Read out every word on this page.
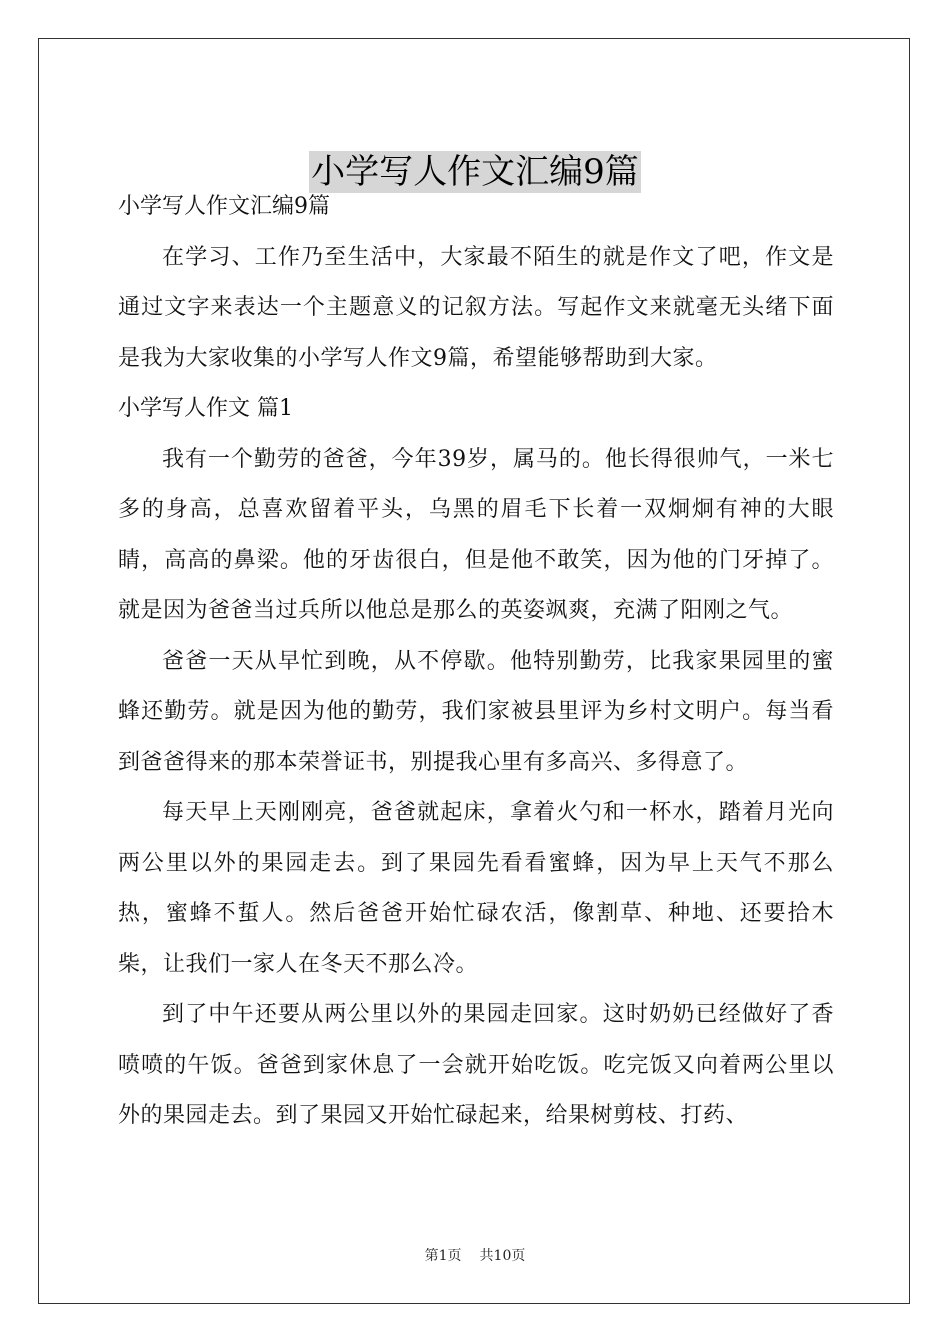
小学写人作文汇编9篇

小学写人作文汇编9篇

在学习、工作乃至生活中，大家最不陌生的就是作文了吧，作文是通过文字来表达一个主题意义的记叙方法。写起作文来就毫无头绪下面是我为大家收集的小学写人作文9篇，希望能够帮助到大家。

小学写人作文 篇1

我有一个勤劳的爸爸，今年39岁，属马的。他长得很帅气，一米七多的身高，总喜欢留着平头，乌黑的眉毛下长着一双炯炯有神的大眼睛，高高的鼻梁。他的牙齿很白，但是他不敢笑，因为他的门牙掉了。就是因为爸爸当过兵所以他总是那么的英姿飒爽，充满了阳刚之气。

爸爸一天从早忙到晚，从不停歇。他特别勤劳，比我家果园里的蜜蜂还勤劳。就是因为他的勤劳，我们家被县里评为乡村文明户。每当看到爸爸得来的那本荣誉证书，别提我心里有多高兴、多得意了。

每天早上天刚刚亮，爸爸就起床，拿着火勺和一杯水，踏着月光向两公里以外的果园走去。到了果园先看看蜜蜂，因为早上天气不那么热，蜜蜂不蜇人。然后爸爸开始忙碌农活，像割草、种地、还要拾木柴，让我们一家人在冬天不那么冷。

到了中午还要从两公里以外的果园走回家。这时奶奶已经做好了香喷喷的午饭。爸爸到家休息了一会就开始吃饭。吃完饭又向着两公里以外的果园走去。到了果园又开始忙碌起来，给果树剪枝、打药、

第1页 共10页
